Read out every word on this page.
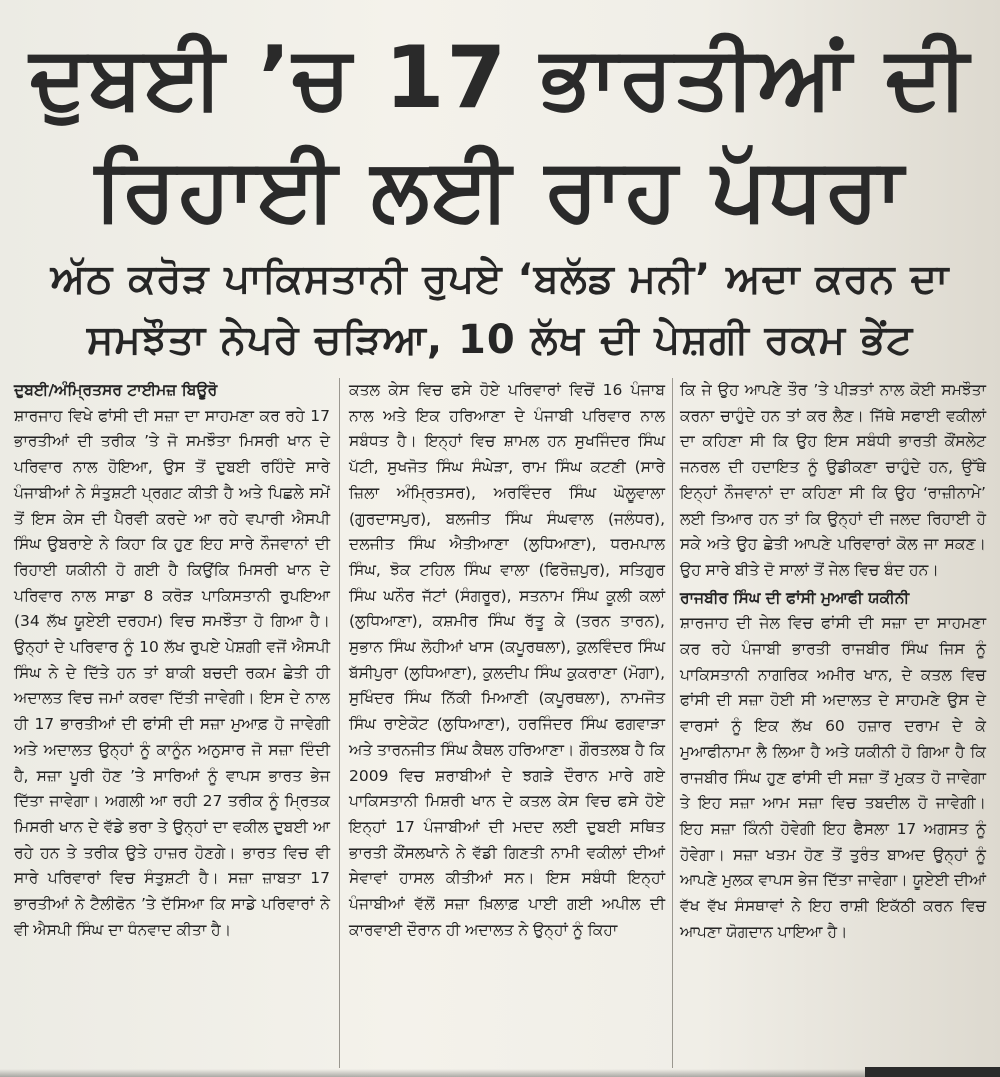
ਦੁਬਈ ’ਚ 17 ਭਾਰਤੀਆਂ ਦੀ
ਰਿਹਾਈ ਲਈ ਰਾਹ ਪੱਧਰਾ
ਅੱਠ ਕਰੋੜ ਪਾਕਿਸਤਾਨੀ ਰੁਪਏ ‘ਬਲੱਡ ਮਨੀ’ ਅਦਾ ਕਰਨ ਦਾ
ਸਮਝੌਤਾ ਨੇਪਰੇ ਚੜਿਆ, 10 ਲੱਖ ਦੀ ਪੇਸ਼ਗੀ ਰਕਮ ਭੇਂਟ

ਦੁਬਈ/ਅੰਮ੍ਰਿਤਸਰ ਟਾਈਮਜ਼ ਬਿਊਰੋ

ਸ਼ਾਰਜਾਹ ਵਿਖੇ ਫਾਂਸੀ ਦੀ ਸਜ਼ਾ ਦਾ ਸਾਹਮਣਾ ਕਰ ਰਹੇ 17 ਭਾਰਤੀਆਂ ਦੀ ਤਰੀਕ ’ਤੇ ਜੋ ਸਮਝੌਤਾ ਮਿਸਰੀ ਖਾਨ ਦੇ ਪਰਿਵਾਰ ਨਾਲ ਹੋਇਆ, ਉਸ ਤੋਂ ਦੁਬਈ ਰਹਿੰਦੇ ਸਾਰੇ ਪੰਜਾਬੀਆਂ ਨੇ ਸੰਤੁਸ਼ਟੀ ਪ੍ਰਗਟ ਕੀਤੀ ਹੈ ਅਤੇ ਪਿਛਲੇ ਸਮੇਂ ਤੋਂ ਇਸ ਕੇਸ ਦੀ ਪੈਰਵੀ ਕਰਦੇ ਆ ਰਹੇ ਵਪਾਰੀ ਐਸਪੀ ਸਿੰਘ ਉਬਰਾਏ ਨੇ ਕਿਹਾ ਕਿ ਹੁਣ ਇਹ ਸਾਰੇ ਨੌਜਵਾਨਾਂ ਦੀ ਰਿਹਾਈ ਯਕੀਨੀ ਹੋ ਗਈ ਹੈ ਕਿਉਂਕਿ ਮਿਸਰੀ ਖਾਨ ਦੇ ਪਰਿਵਾਰ ਨਾਲ ਸਾਡਾ 8 ਕਰੋੜ ਪਾਕਿਸਤਾਨੀ ਰੁਪਇਆ (34 ਲੱਖ ਯੂਏਈ ਦਰਹਮ) ਵਿਚ ਸਮਝੌਤਾ ਹੋ ਗਿਆ ਹੈ। ਉਨ੍ਹਾਂ ਦੇ ਪਰਿਵਾਰ ਨੂੰ 10 ਲੱਖ ਰੁਪਏ ਪੇਸ਼ਗੀ ਵਜੋਂ ਐਸਪੀ ਸਿੰਘ ਨੇ ਦੇ ਦਿੱਤੇ ਹਨ ਤਾਂ ਬਾਕੀ ਬਚਦੀ ਰਕਮ ਛੇਤੀ ਹੀ ਅਦਾਲਤ ਵਿਚ ਜਮਾਂ ਕਰਵਾ ਦਿੱਤੀ ਜਾਵੇਗੀ। ਇਸ ਦੇ ਨਾਲ ਹੀ 17 ਭਾਰਤੀਆਂ ਦੀ ਫਾਂਸੀ ਦੀ ਸਜ਼ਾ ਮੁਆਫ਼ ਹੋ ਜਾਵੇਗੀ ਅਤੇ ਅਦਾਲਤ ਉਨ੍ਹਾਂ ਨੂੰ ਕਾਨੂੰਨ ਅਨੁਸਾਰ ਜੋ ਸਜ਼ਾ ਦਿੰਦੀ ਹੈ, ਸਜ਼ਾ ਪੂਰੀ ਹੋਣ ’ਤੇ ਸਾਰਿਆਂ ਨੂੰ ਵਾਪਸ ਭਾਰਤ ਭੇਜ ਦਿੱਤਾ ਜਾਵੇਗਾ। ਅਗਲੀ ਆ ਰਹੀ 27 ਤਰੀਕ ਨੂੰ ਮ੍ਰਿਤਕ ਮਿਸਰੀ ਖਾਨ ਦੇ ਵੱਡੇ ਭਰਾ ਤੇ ਉਨ੍ਹਾਂ ਦਾ ਵਕੀਲ ਦੁਬਈ ਆ ਰਹੇ ਹਨ ਤੇ ਤਰੀਕ ਉਤੇ ਹਾਜ਼ਰ ਹੋਣਗੇ। ਭਾਰਤ ਵਿਚ ਵੀ ਸਾਰੇ ਪਰਿਵਾਰਾਂ ਵਿਚ ਸੰਤੁਸ਼ਟੀ ਹੈ। ਸਜ਼ਾ ਜ਼ਾਬਤਾ 17 ਭਾਰਤੀਆਂ ਨੇ ਟੈਲੀਫੋਨ ’ਤੇ ਦੱਸਿਆ ਕਿ ਸਾਡੇ ਪਰਿਵਾਰਾਂ ਨੇ ਵੀ ਐਸਪੀ ਸਿੰਘ ਦਾ ਧੰਨਵਾਦ ਕੀਤਾ ਹੈ।

ਕਤਲ ਕੇਸ ਵਿਚ ਫਸੇ ਹੋਏ ਪਰਿਵਾਰਾਂ ਵਿਚੋਂ 16 ਪੰਜਾਬ ਨਾਲ ਅਤੇ ਇਕ ਹਰਿਆਣਾ ਦੇ ਪੰਜਾਬੀ ਪਰਿਵਾਰ ਨਾਲ ਸਬੰਧਤ ਹੈ। ਇਨ੍ਹਾਂ ਵਿਚ ਸ਼ਾਮਲ ਹਨ ਸੁਖਜਿੰਦਰ ਸਿੰਘ ਪੱਟੀ, ਸੁਖਜੋਤ ਸਿੰਘ ਸੰਘੇੜਾ, ਰਾਮ ਸਿੰਘ ਕਟਣੀ (ਸਾਰੇ ਜ਼ਿਲਾ ਅੰਮ੍ਰਿਤਸਰ), ਅਰਵਿੰਦਰ ਸਿੰਘ ਘੋਲੂਵਾਲਾ (ਗੁਰਦਾਸਪੁਰ), ਬਲਜੀਤ ਸਿੰਘ ਸੰਘਵਾਲ (ਜਲੰਧਰ), ਦਲਜੀਤ ਸਿੰਘ ਐਤੀਆਣਾ (ਲੁਧਿਆਣਾ), ਧਰਮਪਾਲ ਸਿੰਘ, ਝੋਕ ਟਹਿਲ ਸਿੰਘ ਵਾਲਾ (ਫਿਰੋਜ਼ਪੁਰ), ਸਤਿਗੁਰ ਸਿੰਘ ਘਨੌਰ ਜੱਟਾਂ (ਸੰਗਰੂਰ), ਸਤਨਾਮ ਸਿੰਘ ਕੂਲੀ ਕਲਾਂ (ਲੁਧਿਆਣਾ), ਕਸ਼ਮੀਰ ਸਿੰਘ ਰੱਤੂ ਕੇ (ਤਰਨ ਤਾਰਨ), ਸੁਭਾਨ ਸਿੰਘ ਲੋਹੀਆਂ ਖਾਸ (ਕਪੂਰਥਲਾ), ਕੁਲਵਿੰਦਰ ਸਿੰਘ ਬੱਸੀਪੁਰਾ (ਲੁਧਿਆਣਾ), ਕੁਲਦੀਪ ਸਿੰਘ ਕੁਕਰਾਣਾ (ਮੋਗਾ), ਸੁਖਿੰਦਰ ਸਿੰਘ ਨਿੱਕੀ ਮਿਆਣੀ (ਕਪੂਰਥਲਾ), ਨਾਮਜੋਤ ਸਿੰਘ ਰਾਏਕੋਟ (ਲੁਧਿਆਣਾ), ਹਰਜਿੰਦਰ ਸਿੰਘ ਫਗਵਾੜਾ ਅਤੇ ਤਾਰਨਜੀਤ ਸਿੰਘ ਕੈਥਲ ਹਰਿਆਣਾ। ਗੌਰਤਲਬ ਹੈ ਕਿ 2009 ਵਿਚ ਸ਼ਰਾਬੀਆਂ ਦੇ ਝਗੜੇ ਦੌਰਾਨ ਮਾਰੇ ਗਏ ਪਾਕਿਸਤਾਨੀ ਮਿਸ਼ਰੀ ਖਾਨ ਦੇ ਕਤਲ ਕੇਸ ਵਿਚ ਫਸੇ ਹੋਏ ਇਨ੍ਹਾਂ 17 ਪੰਜਾਬੀਆਂ ਦੀ ਮਦਦ ਲਈ ਦੁਬਈ ਸਥਿਤ ਭਾਰਤੀ ਕੌਂਸਲਖਾਨੇ ਨੇ ਵੱਡੀ ਗਿਣਤੀ ਨਾਮੀ ਵਕੀਲਾਂ ਦੀਆਂ ਸੇਵਾਵਾਂ ਹਾਸਲ ਕੀਤੀਆਂ ਸਨ। ਇਸ ਸਬੰਧੀ ਇਨ੍ਹਾਂ ਪੰਜਾਬੀਆਂ ਵੱਲੋਂ ਸਜ਼ਾ ਖ਼ਿਲਾਫ਼ ਪਾਈ ਗਈ ਅਪੀਲ ਦੀ ਕਾਰਵਾਈ ਦੌਰਾਨ ਹੀ ਅਦਾਲਤ ਨੇ ਉਨ੍ਹਾਂ ਨੂੰ ਕਿਹਾ

ਕਿ ਜੇ ਉਹ ਆਪਣੇ ਤੌਰ ’ਤੇ ਪੀੜਤਾਂ ਨਾਲ ਕੋਈ ਸਮਝੌਤਾ ਕਰਨਾ ਚਾਹੁੰਦੇ ਹਨ ਤਾਂ ਕਰ ਲੈਣ। ਜਿੱਥੇ ਸਫਾਈ ਵਕੀਲਾਂ ਦਾ ਕਹਿਣਾ ਸੀ ਕਿ ਉਹ ਇਸ ਸਬੰਧੀ ਭਾਰਤੀ ਕੌਂਸਲੇਟ ਜਨਰਲ ਦੀ ਹਦਾਇਤ ਨੂੰ ਉਡੀਕਣਾ ਚਾਹੁੰਦੇ ਹਨ, ਉੱਥੇ ਇਨ੍ਹਾਂ ਨੌਜਵਾਨਾਂ ਦਾ ਕਹਿਣਾ ਸੀ ਕਿ ਉਹ ‘ਰਾਜ਼ੀਨਾਮੇ’ ਲਈ ਤਿਆਰ ਹਨ ਤਾਂ ਕਿ ਉਨ੍ਹਾਂ ਦੀ ਜਲਦ ਰਿਹਾਈ ਹੋ ਸਕੇ ਅਤੇ ਉਹ ਛੇਤੀ ਆਪਣੇ ਪਰਿਵਾਰਾਂ ਕੋਲ ਜਾ ਸਕਣ। ਉਹ ਸਾਰੇ ਬੀਤੇ ਦੋ ਸਾਲਾਂ ਤੋਂ ਜੇਲ ਵਿਚ ਬੰਦ ਹਨ।

ਰਾਜਬੀਰ ਸਿੰਘ ਦੀ ਫਾਂਸੀ ਮੁਆਫੀ ਯਕੀਨੀ

ਸ਼ਾਰਜਾਹ ਦੀ ਜੇਲ ਵਿਚ ਫਾਂਸੀ ਦੀ ਸਜ਼ਾ ਦਾ ਸਾਹਮਣਾ ਕਰ ਰਹੇ ਪੰਜਾਬੀ ਭਾਰਤੀ ਰਾਜਬੀਰ ਸਿੰਘ ਜਿਸ ਨੂੰ ਪਾਕਿਸਤਾਨੀ ਨਾਗਰਿਕ ਅਮੀਰ ਖਾਨ, ਦੇ ਕਤਲ ਵਿਚ ਫਾਂਸੀ ਦੀ ਸਜ਼ਾ ਹੋਈ ਸੀ ਅਦਾਲਤ ਦੇ ਸਾਹਮਣੇ ਉਸ ਦੇ ਵਾਰਸਾਂ ਨੂੰ ਇਕ ਲੱਖ 60 ਹਜ਼ਾਰ ਦਰਾਮ ਦੇ ਕੇ ਮੁਆਫੀਨਾਮਾ ਲੈ ਲਿਆ ਹੈ ਅਤੇ ਯਕੀਨੀ ਹੋ ਗਿਆ ਹੈ ਕਿ ਰਾਜਬੀਰ ਸਿੰਘ ਹੁਣ ਫਾਂਸੀ ਦੀ ਸਜ਼ਾ ਤੋਂ ਮੁਕਤ ਹੋ ਜਾਵੇਗਾ ਤੇ ਇਹ ਸਜ਼ਾ ਆਮ ਸਜ਼ਾ ਵਿਚ ਤਬਦੀਲ ਹੋ ਜਾਵੇਗੀ। ਇਹ ਸਜ਼ਾ ਕਿੰਨੀ ਹੋਵੇਗੀ ਇਹ ਫੈਸਲਾ 17 ਅਗਸਤ ਨੂੰ ਹੋਵੇਗਾ। ਸਜ਼ਾ ਖਤਮ ਹੋਣ ਤੋਂ ਤੁਰੰਤ ਬਾਅਦ ਉਨ੍ਹਾਂ ਨੂੰ ਆਪਣੇ ਮੁਲਕ ਵਾਪਸ ਭੇਜ ਦਿੱਤਾ ਜਾਵੇਗਾ। ਯੂਏਈ ਦੀਆਂ ਵੱਖ ਵੱਖ ਸੰਸਥਾਵਾਂ ਨੇ ਇਹ ਰਾਸ਼ੀ ਇਕੱਠੀ ਕਰਨ ਵਿਚ ਆਪਣਾ ਯੋਗਦਾਨ ਪਾਇਆ ਹੈ।
